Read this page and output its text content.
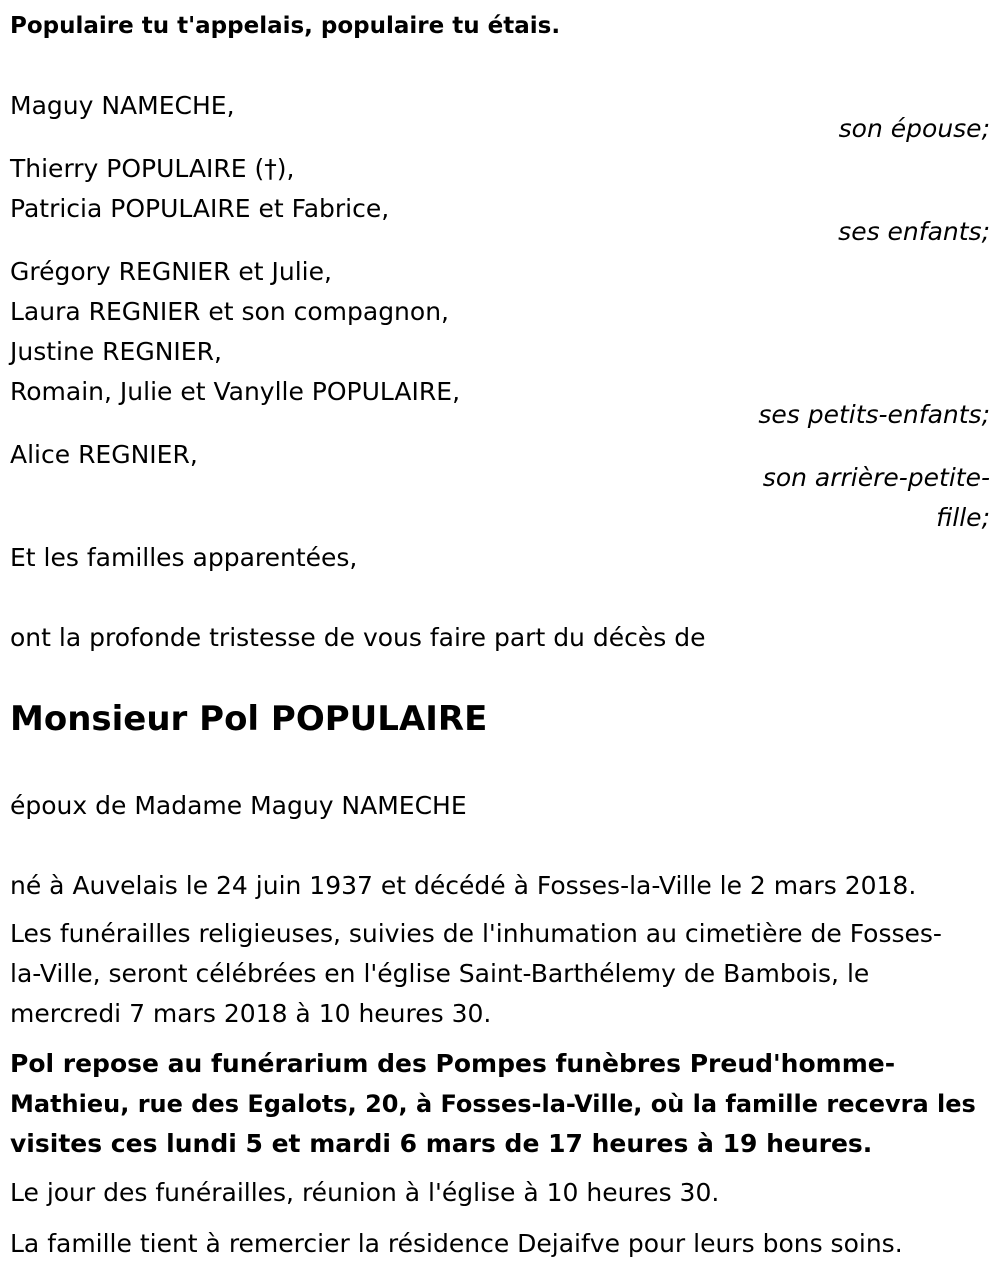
Populaire tu t'appelais, populaire tu étais.
Maguy NAMECHE,
son épouse;
Thierry POPULAIRE (†),
Patricia POPULAIRE et Fabrice,
ses enfants;
Grégory REGNIER et Julie,
Laura REGNIER et son compagnon,
Justine REGNIER,
Romain, Julie et Vanylle POPULAIRE,
ses petits-enfants;
Alice REGNIER,
son arrière-petite-
fille;
Et les familles apparentées,
ont la profonde tristesse de vous faire part du décès de
Monsieur Pol POPULAIRE
époux de Madame Maguy NAMECHE
né à Auvelais le 24 juin 1937 et décédé à Fosses-la-Ville le 2 mars 2018.
Les funérailles religieuses, suivies de l'inhumation au cimetière de Fosses-
la-Ville, seront célébrées en l'église Saint-Barthélemy de Bambois, le
mercredi 7 mars 2018 à 10 heures 30.
Pol repose au funérarium des Pompes funèbres Preud'homme-
Mathieu, rue des Egalots, 20, à Fosses-la-Ville, où la famille recevra les
visites ces lundi 5 et mardi 6 mars de 17 heures à 19 heures.
Le jour des funérailles, réunion à l'église à 10 heures 30.
La famille tient à remercier la résidence Dejaifve pour leurs bons soins.
